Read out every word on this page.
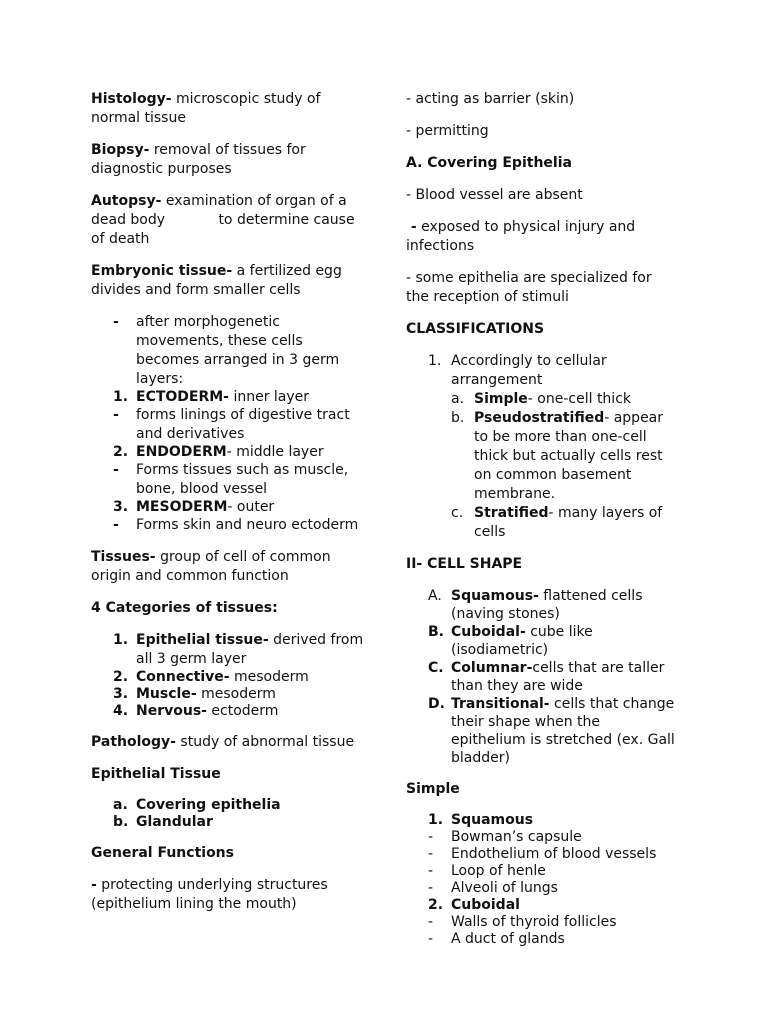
Histology- microscopic study of normal tissue

Biopsy- removal of tissues for diagnostic purposes

Autopsy- examination of organ of a dead body            to determine cause of death

Embryonic tissue- a fertilized egg divides and form smaller cells

- after morphogenetic movements, these cells becomes arranged in 3 germ layers:
1. ECTODERM- inner layer
- forms linings of digestive tract and derivatives
2. ENDODERM- middle layer
- Forms tissues such as muscle, bone, blood vessel
3. MESODERM- outer
- Forms skin and neuro ectoderm

Tissues- group of cell of common origin and common function

4 Categories of tissues:

1. Epithelial tissue- derived from all 3 germ layer
2. Connective- mesoderm
3. Muscle- mesoderm
4. Nervous- ectoderm

Pathology- study of abnormal tissue

Epithelial Tissue

a. Covering epithelia
b. Glandular

General Functions

- protecting underlying structures (epithelium lining the mouth)

- acting as barrier (skin)

- permitting

A. Covering Epithelia

- Blood vessel are absent

- exposed to physical injury and infections

- some epithelia are specialized for the reception of stimuli

CLASSIFICATIONS

1. Accordingly to cellular arrangement
a. Simple- one-cell thick
b. Pseudostratified- appear to be more than one-cell thick but actually cells rest on common basement membrane.
c. Stratified- many layers of cells

II- CELL SHAPE

A. Squamous- flattened cells (naving stones)
B. Cuboidal- cube like (isodiametric)
C. Columnar-cells that are taller than they are wide
D. Transitional- cells that change their shape when the epithelium is stretched (ex. Gall bladder)

Simple

1. Squamous
- Bowman’s capsule
- Endothelium of blood vessels
- Loop of henle
- Alveoli of lungs
2. Cuboidal
- Walls of thyroid follicles
- A duct of glands
